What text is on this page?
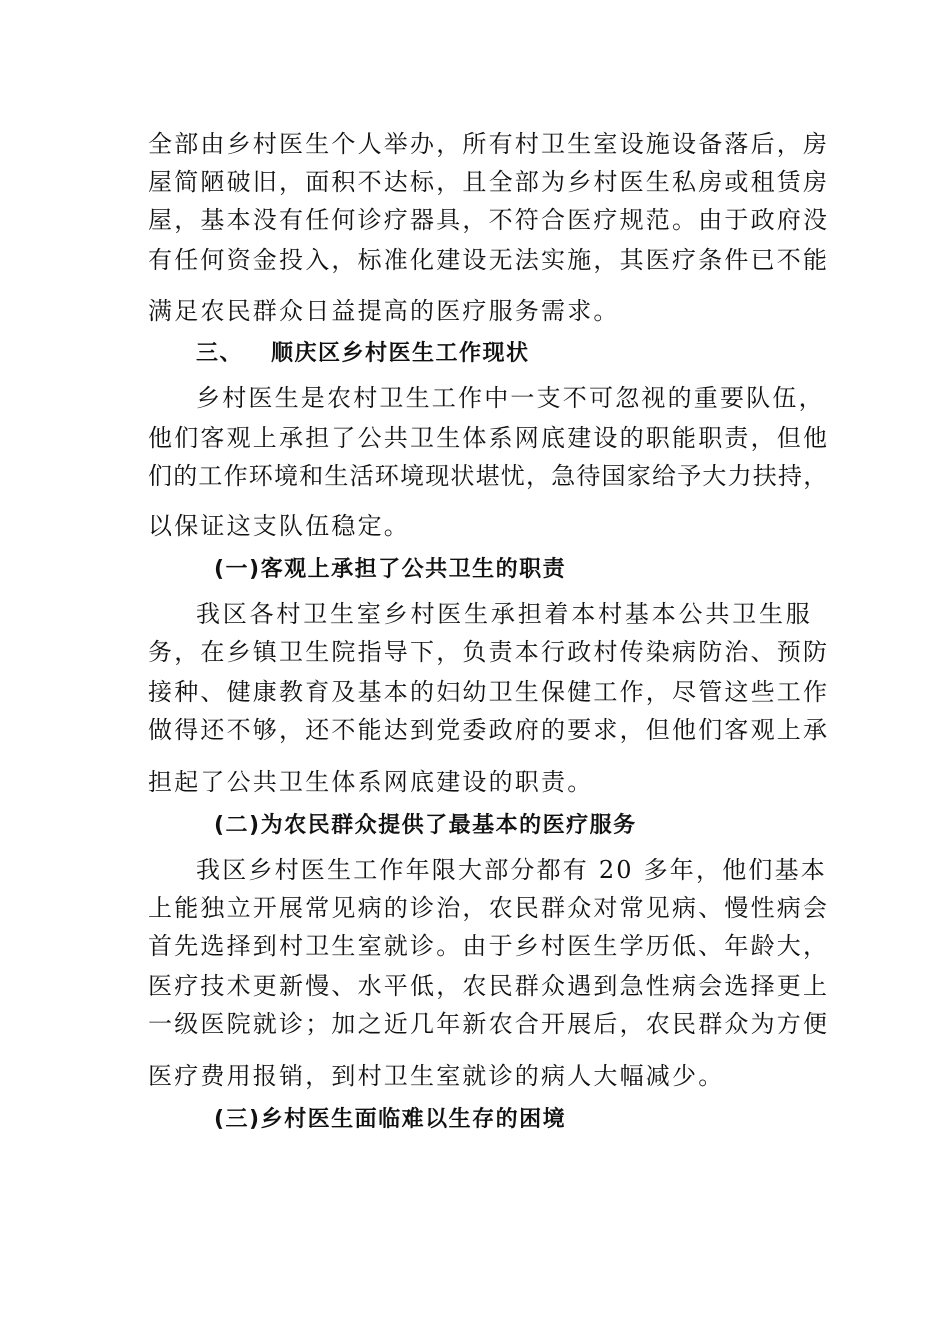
全部由乡村医生个人举办，所有村卫生室设施设备落后，房
屋简陋破旧，面积不达标，且全部为乡村医生私房或租赁房
屋，基本没有任何诊疗器具，不符合医疗规范。由于政府没
有任何资金投入，标准化建设无法实施，其医疗条件已不能
满足农民群众日益提高的医疗服务需求。
三、 顺庆区乡村医生工作现状
乡村医生是农村卫生工作中一支不可忽视的重要队伍，
他们客观上承担了公共卫生体系网底建设的职能职责，但他
们的工作环境和生活环境现状堪忧，急待国家给予大力扶持，
以保证这支队伍稳定。
(一)客观上承担了公共卫生的职责
我区各村卫生室乡村医生承担着本村基本公共卫生服
务，在乡镇卫生院指导下，负责本行政村传染病防治、预防
接种、健康教育及基本的妇幼卫生保健工作，尽管这些工作
做得还不够，还不能达到党委政府的要求，但他们客观上承
担起了公共卫生体系网底建设的职责。
(二)为农民群众提供了最基本的医疗服务
我区乡村医生工作年限大部分都有 20 多年，他们基本
上能独立开展常见病的诊治，农民群众对常见病、慢性病会
首先选择到村卫生室就诊。由于乡村医生学历低、年龄大，
医疗技术更新慢、水平低，农民群众遇到急性病会选择更上
一级医院就诊；加之近几年新农合开展后，农民群众为方便
医疗费用报销，到村卫生室就诊的病人大幅减少。
(三)乡村医生面临难以生存的困境
